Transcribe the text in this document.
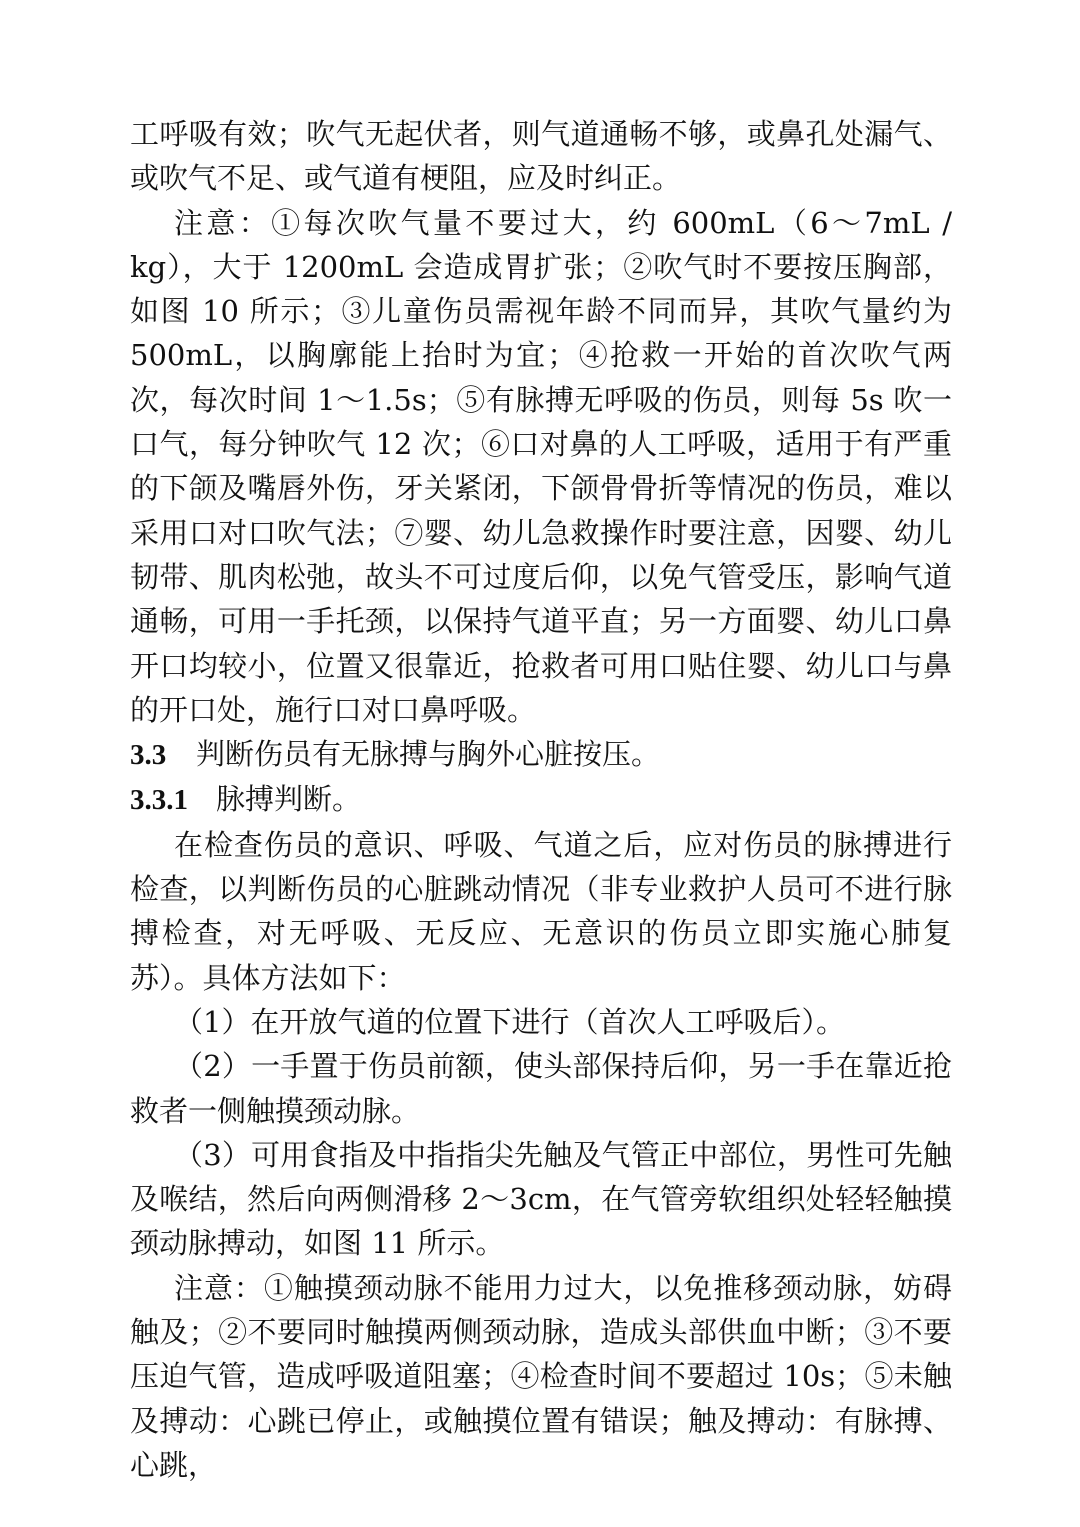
工呼吸有效；吹气无起伏者，则气道通畅不够，或鼻孔处漏气、或吹气不足、或气道有梗阻，应及时纠正。

注意：①每次吹气量不要过大，约 600mL（6～7mL / kg），大于 1200mL 会造成胃扩张；②吹气时不要按压胸部，如图 10 所示；③儿童伤员需视年龄不同而异，其吹气量约为 500mL，以胸廓能上抬时为宜；④抢救一开始的首次吹气两次，每次时间 1～1.5s；⑤有脉搏无呼吸的伤员，则每 5s 吹一口气，每分钟吹气 12 次；⑥口对鼻的人工呼吸，适用于有严重的下颌及嘴唇外伤，牙关紧闭，下颌骨骨折等情况的伤员，难以采用口对口吹气法；⑦婴、幼儿急救操作时要注意，因婴、幼儿韧带、肌肉松弛，故头不可过度后仰，以免气管受压，影响气道通畅，可用一手托颈，以保持气道平直；另一方面婴、幼儿口鼻开口均较小，位置又很靠近，抢救者可用口贴住婴、幼儿口与鼻的开口处，施行口对口鼻呼吸。

3.3 判断伤员有无脉搏与胸外心脏按压。

3.3.1 脉搏判断。

在检查伤员的意识、呼吸、气道之后，应对伤员的脉搏进行检查，以判断伤员的心脏跳动情况（非专业救护人员可不进行脉搏检查，对无呼吸、无反应、无意识的伤员立即实施心肺复苏）。具体方法如下：

（1）在开放气道的位置下进行（首次人工呼吸后）。

（2）一手置于伤员前额，使头部保持后仰，另一手在靠近抢救者一侧触摸颈动脉。

（3）可用食指及中指指尖先触及气管正中部位，男性可先触及喉结，然后向两侧滑移 2～3cm，在气管旁软组织处轻轻触摸颈动脉搏动，如图 11 所示。

注意：①触摸颈动脉不能用力过大，以免推移颈动脉，妨碍触及；②不要同时触摸两侧颈动脉，造成头部供血中断；③不要压迫气管，造成呼吸道阻塞；④检查时间不要超过 10s；⑤未触及搏动：心跳已停止，或触摸位置有错误；触及搏动：有脉搏、心跳，
